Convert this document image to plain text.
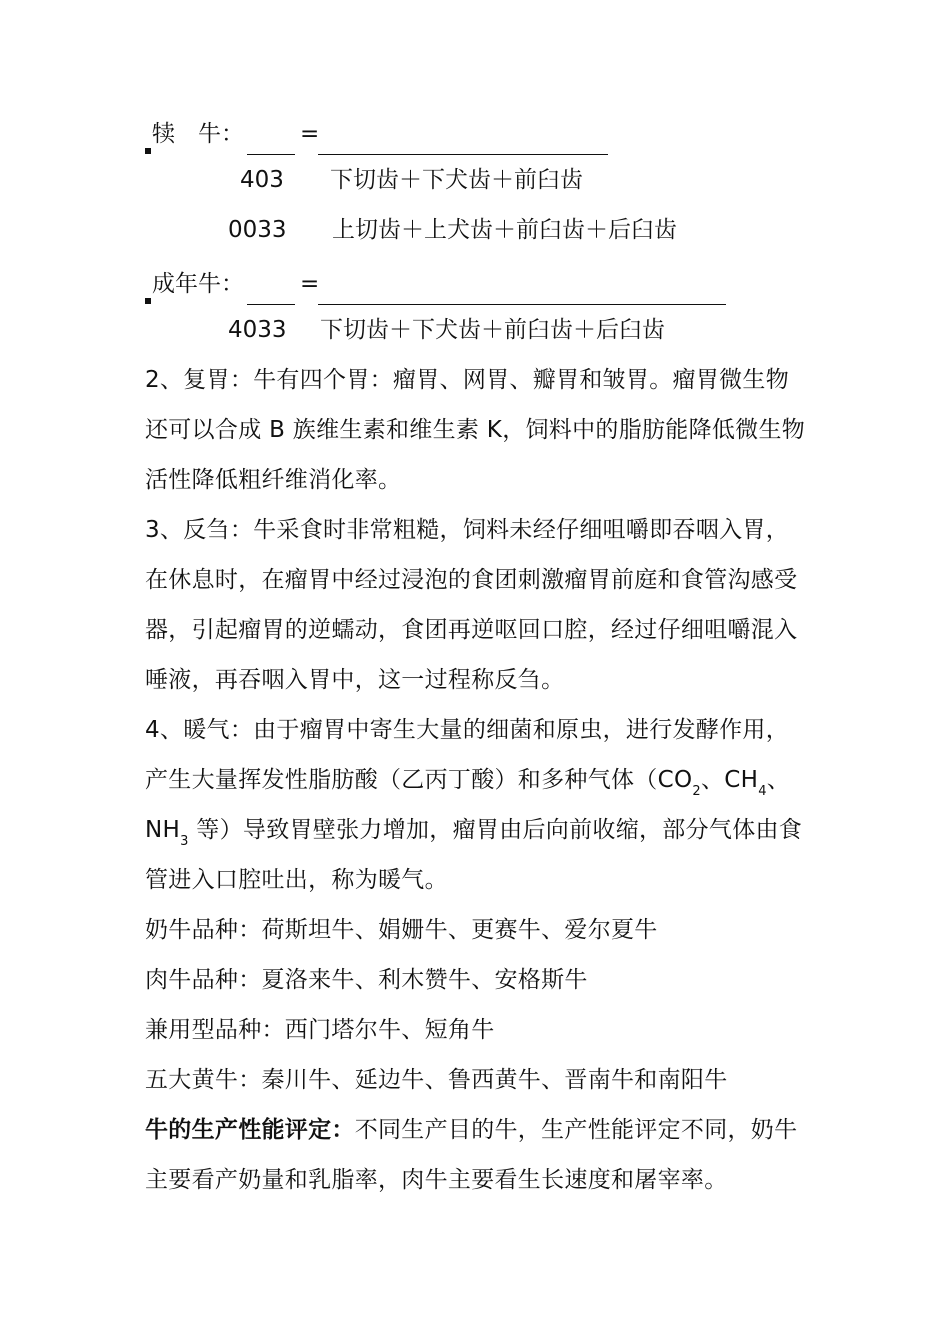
犊　牛： =
403 下切齿＋下犬齿＋前臼齿
0033 上切齿＋上犬齿＋前臼齿＋后臼齿
成年牛： =
4033 下切齿＋下犬齿＋前臼齿＋后臼齿
2、复胃：牛有四个胃：瘤胃、网胃、瓣胃和皱胃。瘤胃微生物
还可以合成 B 族维生素和维生素 K，饲料中的脂肪能降低微生物
活性降低粗纤维消化率。
3、反刍：牛采食时非常粗糙，饲料未经仔细咀嚼即吞咽入胃，
在休息时，在瘤胃中经过浸泡的食团刺激瘤胃前庭和食管沟感受
器，引起瘤胃的逆蠕动，食团再逆呕回口腔，经过仔细咀嚼混入
唾液，再吞咽入胃中，这一过程称反刍。
4、暖气：由于瘤胃中寄生大量的细菌和原虫，进行发酵作用，
产生大量挥发性脂肪酸（乙丙丁酸）和多种气体（$CO_2$、$CH_4$、
$NH_3$ 等）导致胃壁张力增加，瘤胃由后向前收缩，部分气体由食
管进入口腔吐出，称为暖气。
奶牛品种：荷斯坦牛、娟姗牛、更赛牛、爱尔夏牛
肉牛品种：夏洛来牛、利木赞牛、安格斯牛
兼用型品种：西门塔尔牛、短角牛
五大黄牛：秦川牛、延边牛、鲁西黄牛、晋南牛和南阳牛
牛的生产性能评定：不同生产目的牛，生产性能评定不同，奶牛
主要看产奶量和乳脂率，肉牛主要看生长速度和屠宰率。
